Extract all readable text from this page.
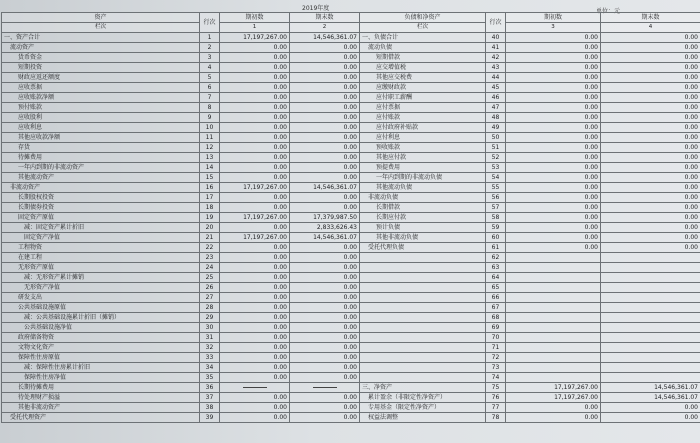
2019年度	单位：元
资产	行次	期初数	期末数	负债和净资产	行次	期初数	期末数
栏次		1	2	栏次		3	4
一、资产合计	1	17,197,267.00	14,546,361.07	一、负债合计	40	0.00	0.00
流动资产	2	0.00	0.00	流动负债	41	0.00	0.00
货币资金	3	0.00	0.00	短期借款	42	0.00	0.00
短期投资	4	0.00	0.00	应交增值税	43	0.00	0.00
财政应返还额度	5	0.00	0.00	其他应交税费	44	0.00	0.00
应收票据	6	0.00	0.00	应缴财政款	45	0.00	0.00
应收账款净额	7	0.00	0.00	应付职工薪酬	46	0.00	0.00
预付账款	8	0.00	0.00	应付票据	47	0.00	0.00
应收股利	9	0.00	0.00	应付账款	48	0.00	0.00
应收利息	10	0.00	0.00	应付政府补贴款	49	0.00	0.00
其他应收款净额	11	0.00	0.00	应付利息	50	0.00	0.00
存货	12	0.00	0.00	预收账款	51	0.00	0.00
待摊费用	13	0.00	0.00	其他应付款	52	0.00	0.00
一年内到期的非流动资产	14	0.00	0.00	预提费用	53	0.00	0.00
其他流动资产	15	0.00	0.00	一年内到期的非流动负债	54	0.00	0.00
非流动资产	16	17,197,267.00	14,546,361.07	其他流动负债	55	0.00	0.00
长期股权投资	17	0.00	0.00	非流动负债	56	0.00	0.00
长期债券投资	18	0.00	0.00	长期借款	57	0.00	0.00
固定资产原值	19	17,197,267.00	17,379,987.50	长期应付款	58	0.00	0.00
减：固定资产累计折旧	20	0.00	2,833,626.43	预计负债	59	0.00	0.00
固定资产净值	21	17,197,267.00	14,546,361.07	其他非流动负债	60	0.00	0.00
工程物资	22	0.00	0.00	受托代理负债	61	0.00	0.00
在建工程	23	0.00	0.00		62		
无形资产原值	24	0.00	0.00		63		
减：无形资产累计摊销	25	0.00	0.00		64		
无形资产净值	26	0.00	0.00		65		
研发支出	27	0.00	0.00		66		
公共基础设施原值	28	0.00	0.00		67		
减：公共基础设施累计折旧（摊销）	29	0.00	0.00		68		
公共基础设施净值	30	0.00	0.00		69		
政府储备物资	31	0.00	0.00		70		
文物文化资产	32	0.00	0.00		71		
保障性住房原值	33	0.00	0.00		72		
减：保障性住房累计折旧	34	0.00	0.00		73		
保障性住房净值	35	0.00	0.00		74		
长期待摊费用	36			三、净资产	75	17,197,267.00	14,546,361.07
待处理财产损溢	37	0.00	0.00	累计盈余（非限定性净资产）	76	17,197,267.00	14,546,361.07
其他非流动资产	38	0.00	0.00	专用基金（限定性净资产）	77	0.00	0.00
受托代理资产	39	0.00	0.00	权益法调整	78	0.00	0.00
